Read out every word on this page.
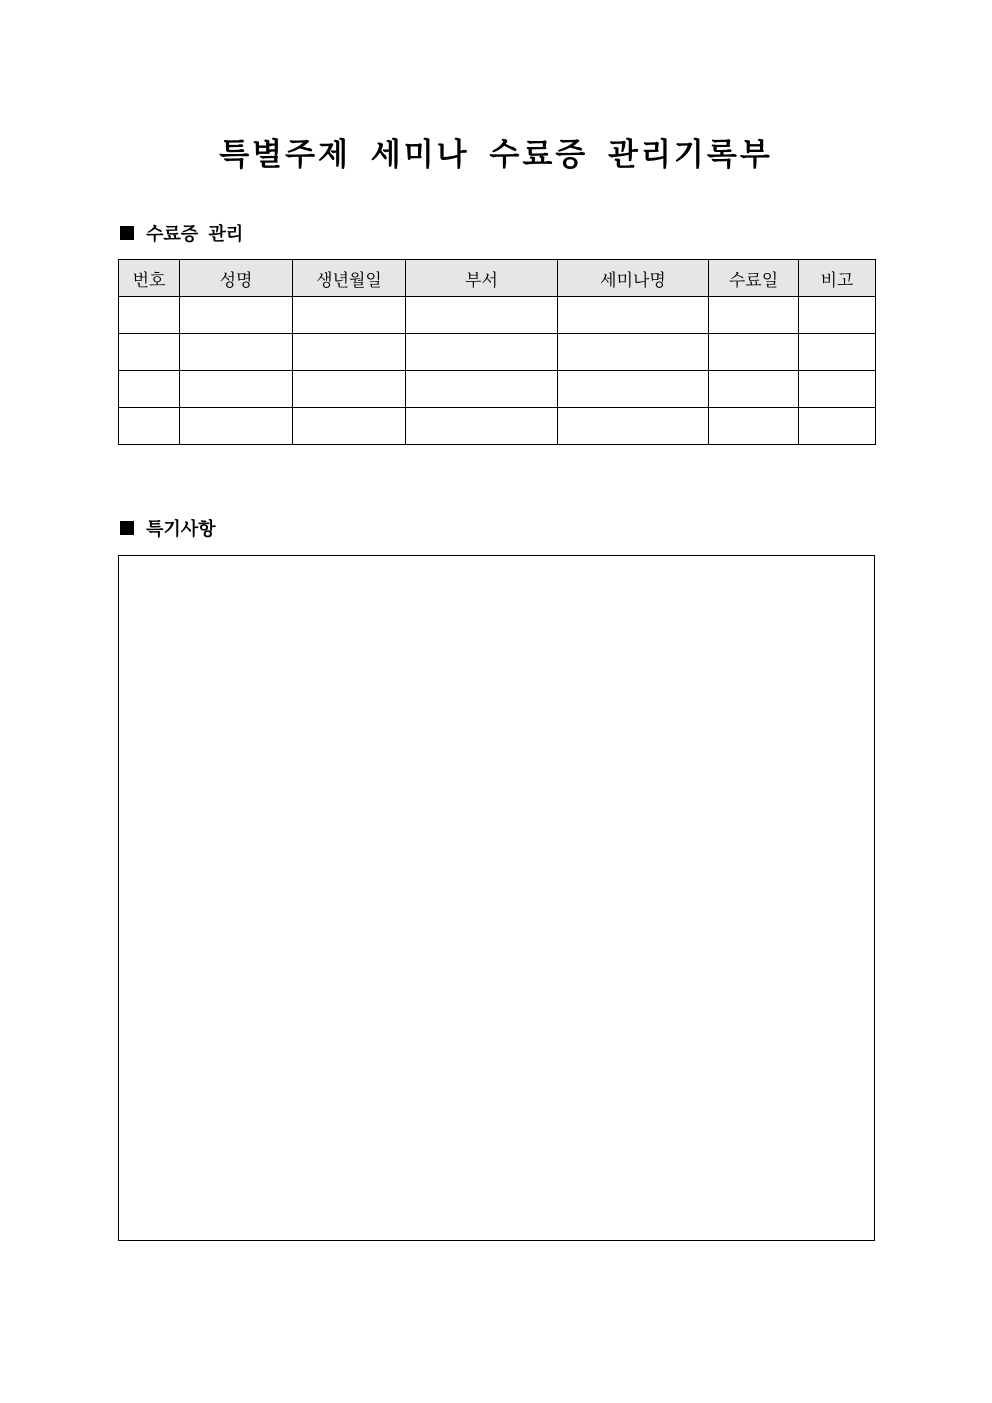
특별주제 세미나 수료증 관리기록부
수료증 관리
번호	성명	생년월일	부서	세미나명	수료일	비고

특기사항
